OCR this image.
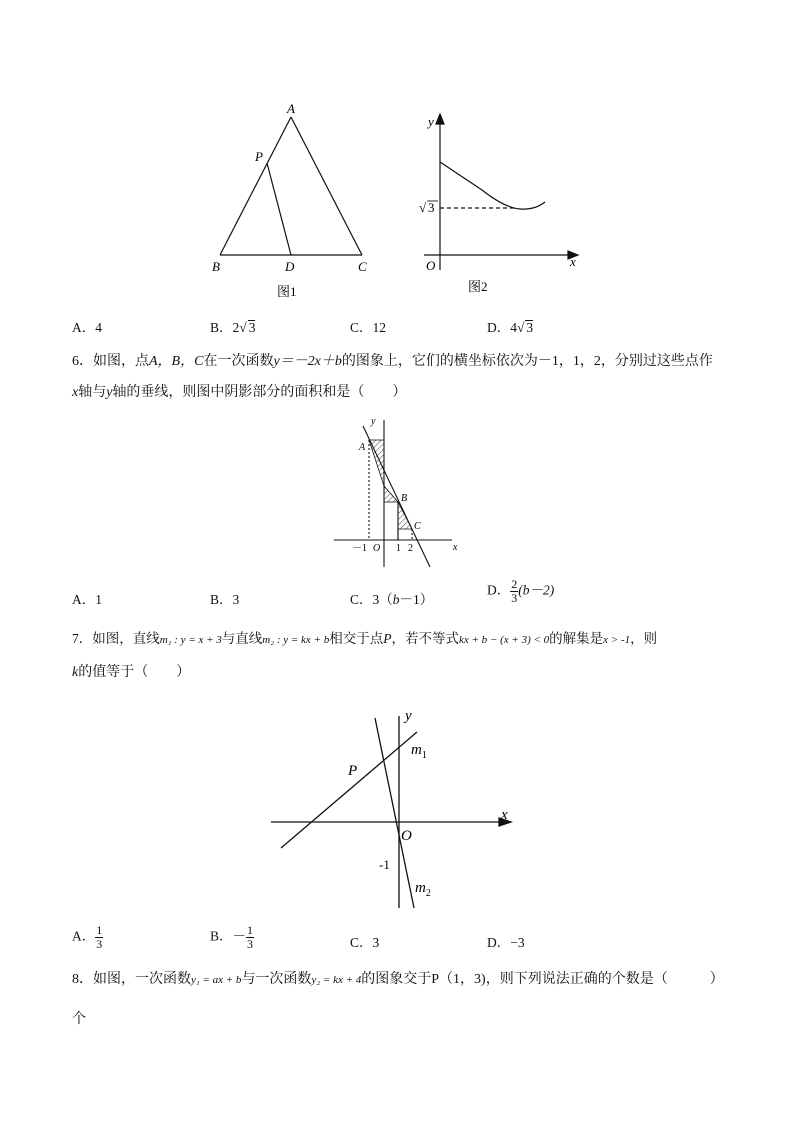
A
P
B	D	C
图1
y
x
O
√ 3
图2
A．4	B．2√ 3	C．12	D．4√ 3
6．如图，点A，B，C在一次函数y＝－2x＋b的图象上，它们的横坐标依次为－1，1，2，分别过这些点作
x轴与y轴的垂线，则图中阴影部分的面积和是（　　）
y
x
A
B
C
－1 O 1 2
A．1	B．3	C．3（b－1）
D． $\frac{2}{3} (b-2)$
7．如图，直线m₁ : y = x + 3与直线m₂ : y = kx + b相交于点P，若不等式kx + b − (x + 3) < 0的解集是x > -1，则
k的值等于（　　）
y
x
O
P
$m_1$
$m_2$
-1
A． $\frac{1}{3}$	B．－ $\frac{1}{3}$	C．3	D．−3
8．如图，一次函数y₁ = ax + b与一次函数y₂ = kx + 4的图象交于P（1，3)，则下列说法正确的个数是（　　　）
个
